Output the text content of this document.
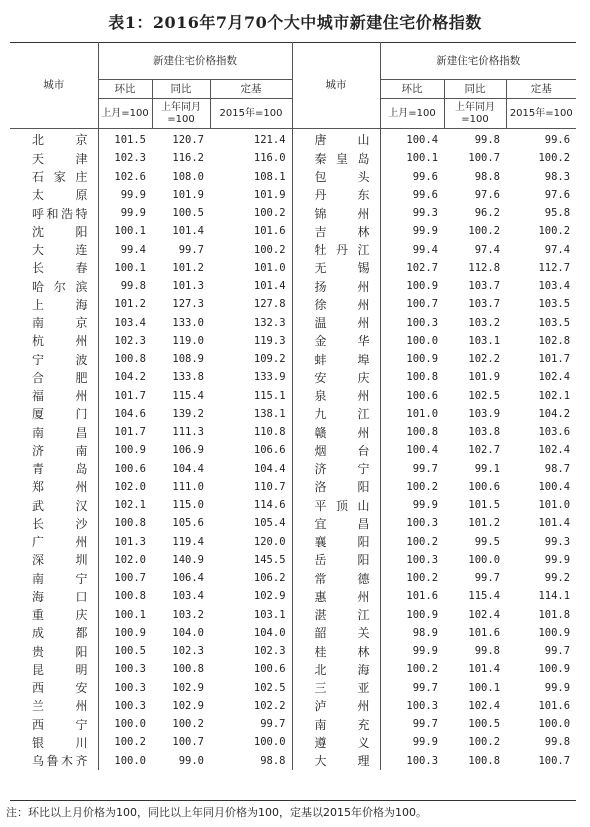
表1：2016年7月70个大中城市新建住宅价格指数
城市	新建住宅价格指数			城市	新建住宅价格指数		
	环比	同比	定基		环比	同比	定基
	上月=100	上年同月=100	2015年=100		上月=100	上年同月=100	2015年=100
北京	101.5	120.7	121.4	唐山	100.4	99.8	99.6
天津	102.3	116.2	116.0	秦皇岛	100.1	100.7	100.2
石家庄	102.6	108.0	108.1	包头	99.6	98.8	98.3
太原	99.9	101.9	101.9	丹东	99.6	97.6	97.6
呼和浩特	99.9	100.5	100.2	锦州	99.3	96.2	95.8
沈阳	100.1	101.4	101.6	吉林	99.9	100.2	100.2
大连	99.4	99.7	100.2	牡丹江	99.4	97.4	97.4
长春	100.1	101.2	101.0	无锡	102.7	112.8	112.7
哈尔滨	99.8	101.3	101.4	扬州	100.9	103.7	103.4
上海	101.2	127.3	127.8	徐州	100.7	103.7	103.5
南京	103.4	133.0	132.3	温州	100.3	103.2	103.5
杭州	102.3	119.0	119.3	金华	100.0	103.1	102.8
宁波	100.8	108.9	109.2	蚌埠	100.9	102.2	101.7
合肥	104.2	133.8	133.9	安庆	100.8	101.9	102.4
福州	101.7	115.4	115.1	泉州	100.6	102.5	102.1
厦门	104.6	139.2	138.1	九江	101.0	103.9	104.2
南昌	101.7	111.3	110.8	赣州	100.8	103.8	103.6
济南	100.9	106.9	106.6	烟台	100.4	102.7	102.4
青岛	100.6	104.4	104.4	济宁	99.7	99.1	98.7
郑州	102.0	111.0	110.7	洛阳	100.2	100.6	100.4
武汉	102.1	115.0	114.6	平顶山	99.9	101.5	101.0
长沙	100.8	105.6	105.4	宜昌	100.3	101.2	101.4
广州	101.3	119.4	120.0	襄阳	100.2	99.5	99.3
深圳	102.0	140.9	145.5	岳阳	100.3	100.0	99.9
南宁	100.7	106.4	106.2	常德	100.2	99.7	99.2
海口	100.8	103.4	102.9	惠州	101.6	115.4	114.1
重庆	100.1	103.2	103.1	湛江	100.9	102.4	101.8
成都	100.9	104.0	104.0	韶关	98.9	101.6	100.9
贵阳	100.5	102.3	102.3	桂林	99.9	99.8	99.7
昆明	100.3	100.8	100.6	北海	100.2	101.4	100.9
西安	100.3	102.9	102.5	三亚	99.7	100.1	99.9
兰州	100.3	102.9	102.2	泸州	100.3	102.4	101.6
西宁	100.0	100.2	99.7	南充	99.7	100.5	100.0
银川	100.2	100.7	100.0	遵义	99.9	100.2	99.8
乌鲁木齐	100.0	99.0	98.8	大理	100.3	100.8	100.7
注：环比以上月价格为100，同比以上年同月价格为100，定基以2015年价格为100。
